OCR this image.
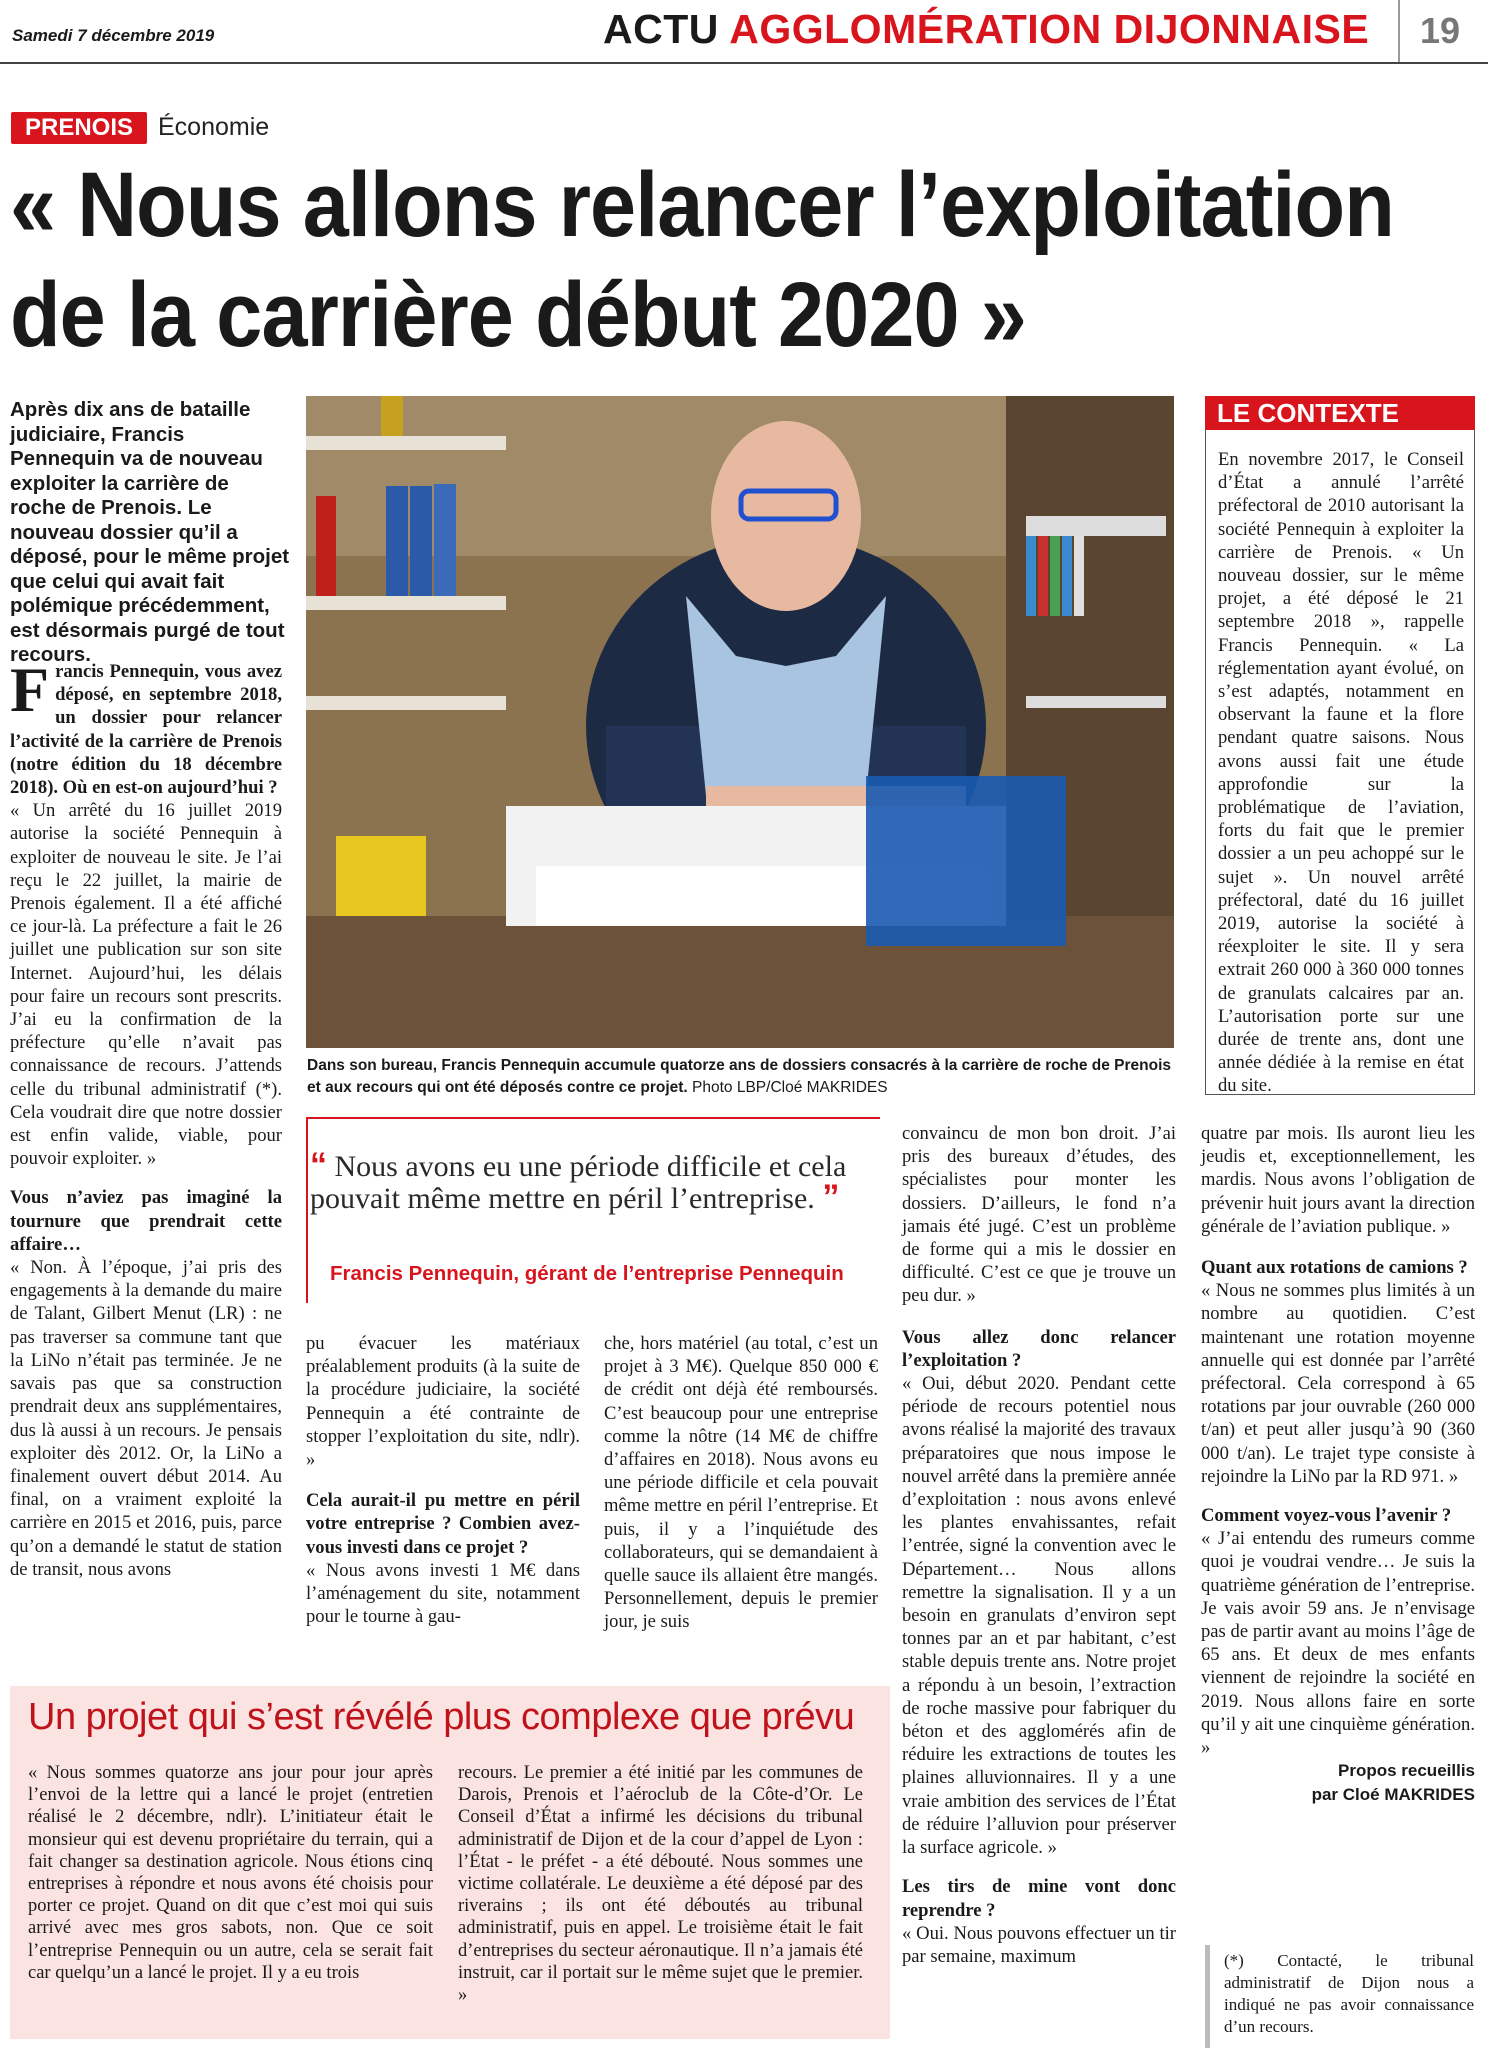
Samedi 7 décembre 2019	ACTU AGGLOMÉRATION DIJONNAISE 19
PRENOIS Économie
« Nous allons relancer l’exploitation
de la carrière début 2020 »
Après dix ans de bataille judiciaire, Francis Pennequin va de nouveau exploiter la carrière de roche de Prenois. Le nouveau dossier qu’il a déposé, pour le même projet que celui qui avait fait polémique précédemment, est désormais purgé de tout recours.

Francis Pennequin, vous avez déposé, en septembre 2018, un dossier pour relancer l’activité de la carrière de Prenois (notre édition du 18 décembre 2018). Où en est-on aujourd’hui ?

« Un arrêté du 16 juillet 2019 autorise la société Pennequin à exploiter de nouveau le site. Je l’ai reçu le 22 juillet, la mairie de Prenois également. Il a été affiché ce jour-là. La préfecture a fait le 26 juillet une publication sur son site Internet. Aujourd’hui, les délais pour faire un recours sont prescrits. J’ai eu la confirmation de la préfecture qu’elle n’avait pas connaissance de recours. J’attends celle du tribunal administratif (*). Cela voudrait dire que notre dossier est enfin valide, viable, pour pouvoir exploiter. »

Vous n’aviez pas imaginé la tournure que prendrait cette affaire…

« Non. À l’époque, j’ai pris des engagements à la demande du maire de Talant, Gilbert Menut (LR) : ne pas traverser sa commune tant que la LiNo n’était pas terminée. Je ne savais pas que sa construction prendrait deux ans supplémentaires, dus là aussi à un recours. Je pensais exploiter dès 2012. Or, la LiNo a finalement ouvert début 2014. Au final, on a vraiment exploité la carrière en 2015 et 2016, puis, parce qu’on a demandé le statut de station de transit, nous avons

Dans son bureau, Francis Pennequin accumule quatorze ans de dossiers consacrés à la carrière de roche de Prenois et aux recours qui ont été déposés contre ce projet. Photo LBP/Cloé MAKRIDES
LE CONTEXTE

En novembre 2017, le Conseil d’État a annulé l’arrêté préfectoral de 2010 autorisant la société Pennequin à exploiter la carrière de Prenois. « Un nouveau dossier, sur le même projet, a été déposé le 21 septembre 2018 », rappelle Francis Pennequin. « La réglementation ayant évolué, on s’est adaptés, notamment en observant la faune et la flore pendant quatre saisons. Nous avons aussi fait une étude approfondie sur la problématique de l’aviation, forts du fait que le premier dossier a un peu achoppé sur le sujet ». Un nouvel arrêté préfectoral, daté du 16 juillet 2019, autorise la société à réexploiter le site. Il y sera extrait 260 000 à 360 000 tonnes de granulats calcaires par an. L’autorisation porte sur une durée de trente ans, dont une année dédiée à la remise en état du site.

“ Nous avons eu une période difficile et cela pouvait même mettre en péril l’entreprise. ”
Francis Pennequin, gérant de l’entreprise Pennequin

pu évacuer les matériaux préalablement produits (à la suite de la procédure judiciaire, la société Pennequin a été contrainte de stopper l’exploitation du site, ndlr). »

Cela aurait-il pu mettre en péril votre entreprise ? Combien avez-vous investi dans ce projet ?

« Nous avons investi 1 M€ dans l’aménagement du site, notamment pour le tourne à gau-

che, hors matériel (au total, c’est un projet à 3 M€). Quelque 850 000 € de crédit ont déjà été remboursés. C’est beaucoup pour une entreprise comme la nôtre (14 M€ de chiffre d’affaires en 2018). Nous avons eu une période difficile et cela pouvait même mettre en péril l’entreprise. Et puis, il y a l’inquiétude des collaborateurs, qui se demandaient à quelle sauce ils allaient être mangés. Personnellement, depuis le premier jour, je suis

convaincu de mon bon droit. J’ai pris des bureaux d’études, des spécialistes pour monter les dossiers. D’ailleurs, le fond n’a jamais été jugé. C’est un problème de forme qui a mis le dossier en difficulté. C’est ce que je trouve un peu dur. »

Vous allez donc relancer l’exploitation ?

« Oui, début 2020. Pendant cette période de recours potentiel nous avons réalisé la majorité des travaux préparatoires que nous impose le nouvel arrêté dans la première année d’exploitation : nous avons enlevé les plantes envahissantes, refait l’entrée, signé la convention avec le Département… Nous allons remettre la signalisation. Il y a un besoin en granulats d’environ sept tonnes par an et par habitant, c’est stable depuis trente ans. Notre projet a répondu à un besoin, l’extraction de roche massive pour fabriquer du béton et des agglomérés afin de réduire les extractions de toutes les plaines alluvionnaires. Il y a une vraie ambition des services de l’État de réduire l’alluvion pour préserver la surface agricole. »

Les tirs de mine vont donc reprendre ?

« Oui. Nous pouvons effectuer un tir par semaine, maximum

quatre par mois. Ils auront lieu les jeudis et, exceptionnellement, les mardis. Nous avons l’obligation de prévenir huit jours avant la direction générale de l’aviation publique. »

Quant aux rotations de camions ?

« Nous ne sommes plus limités à un nombre au quotidien. C’est maintenant une rotation moyenne annuelle qui est donnée par l’arrêté préfectoral. Cela correspond à 65 rotations par jour ouvrable (260 000 t/an) et peut aller jusqu’à 90 (360 000 t/an). Le trajet type consiste à rejoindre la LiNo par la RD 971. »

Comment voyez-vous l’avenir ?

« J’ai entendu des rumeurs comme quoi je voudrai vendre… Je suis la quatrième génération de l’entreprise. Je vais avoir 59 ans. Je n’envisage pas de partir avant au moins l’âge de 65 ans. Et deux de mes enfants viennent de rejoindre la société en 2019. Nous allons faire en sorte qu’il y ait une cinquième génération. »

Propos recueillis
par Cloé MAKRIDES
Un projet qui s’est révélé plus complexe que prévu

« Nous sommes quatorze ans jour pour jour après l’envoi de la lettre qui a lancé le projet (entretien réalisé le 2 décembre, ndlr). L’initiateur était le monsieur qui est devenu propriétaire du terrain, qui a fait changer sa destination agricole. Nous étions cinq entreprises à répondre et nous avons été choisis pour porter ce projet. Quand on dit que c’est moi qui suis arrivé avec mes gros sabots, non. Que ce soit l’entreprise Pennequin ou un autre, cela se serait fait car quelqu’un a lancé le projet. Il y a eu trois

recours. Le premier a été initié par les communes de Darois, Prenois et l’aéroclub de la Côte-d’Or. Le Conseil d’État a infirmé les décisions du tribunal administratif de Dijon et de la cour d’appel de Lyon : l’État - le préfet - a été débouté. Nous sommes une victime collatérale. Le deuxième a été déposé par des riverains ; ils ont été déboutés au tribunal administratif, puis en appel. Le troisième était le fait d’entreprises du secteur aéronautique. Il n’a jamais été instruit, car il portait sur le même sujet que le premier. »

(*) Contacté, le tribunal administratif de Dijon nous a indiqué ne pas avoir connaissance d’un recours.
